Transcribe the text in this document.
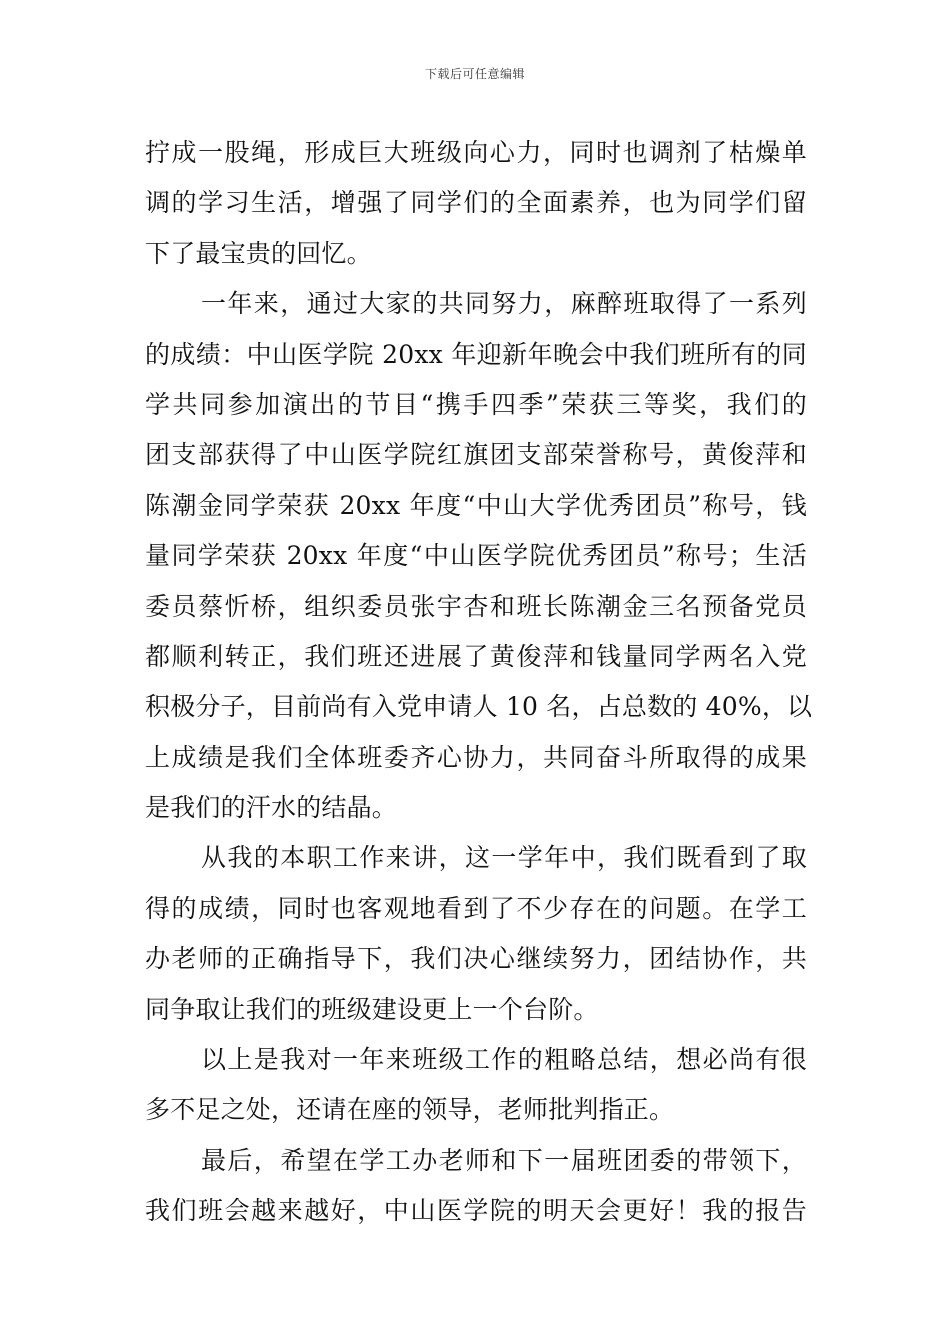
下载后可任意编辑
拧成一股绳，形成巨大班级向心力，同时也调剂了枯燥单
调的学习生活，增强了同学们的全面素养，也为同学们留
下了最宝贵的回忆。
一年来，通过大家的共同努力，麻醉班取得了一系列
的成绩：中山医学院 20xx 年迎新年晚会中我们班所有的同
学共同参加演出的节目“携手四季”荣获三等奖，我们的
团支部获得了中山医学院红旗团支部荣誉称号，黄俊萍和
陈潮金同学荣获 20xx 年度“中山大学优秀团员”称号，钱
量同学荣获 20xx 年度“中山医学院优秀团员”称号；生活
委员蔡忻桥，组织委员张宇杏和班长陈潮金三名预备党员
都顺利转正，我们班还进展了黄俊萍和钱量同学两名入党
积极分子，目前尚有入党申请人 10 名，占总数的 40%，以
上成绩是我们全体班委齐心协力，共同奋斗所取得的成果
是我们的汗水的结晶。
从我的本职工作来讲，这一学年中，我们既看到了取
得的成绩，同时也客观地看到了不少存在的问题。在学工
办老师的正确指导下，我们决心继续努力，团结协作，共
同争取让我们的班级建设更上一个台阶。
以上是我对一年来班级工作的粗略总结，想必尚有很
多不足之处，还请在座的领导，老师批判指正。
最后，希望在学工办老师和下一届班团委的带领下，
我们班会越来越好，中山医学院的明天会更好！我的报告
